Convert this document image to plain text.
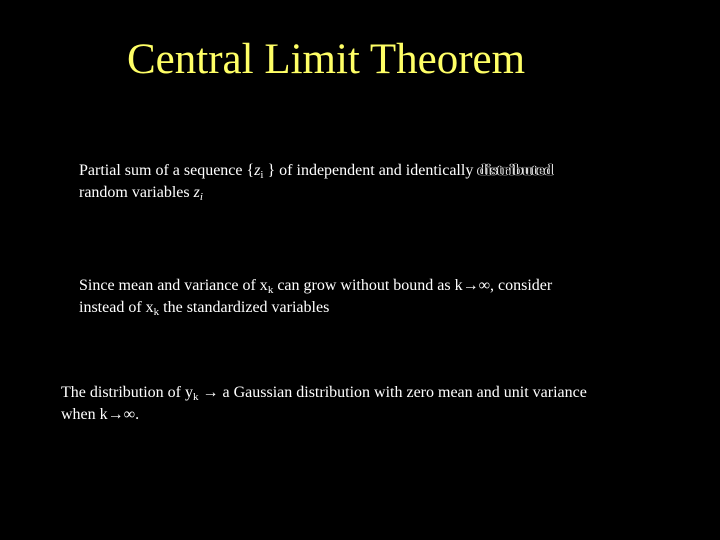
Central Limit Theorem
Partial sum of a sequence {$z_i$ } of independent and identically distributed
random variables $z_i$
Since mean and variance of $x_k$ can grow without bound as k→∞, consider
instead of $x_k$ the standardized variables
The distribution of $y_k \to a$ Gaussian distribution with zero mean and unit variance
when k→∞.
